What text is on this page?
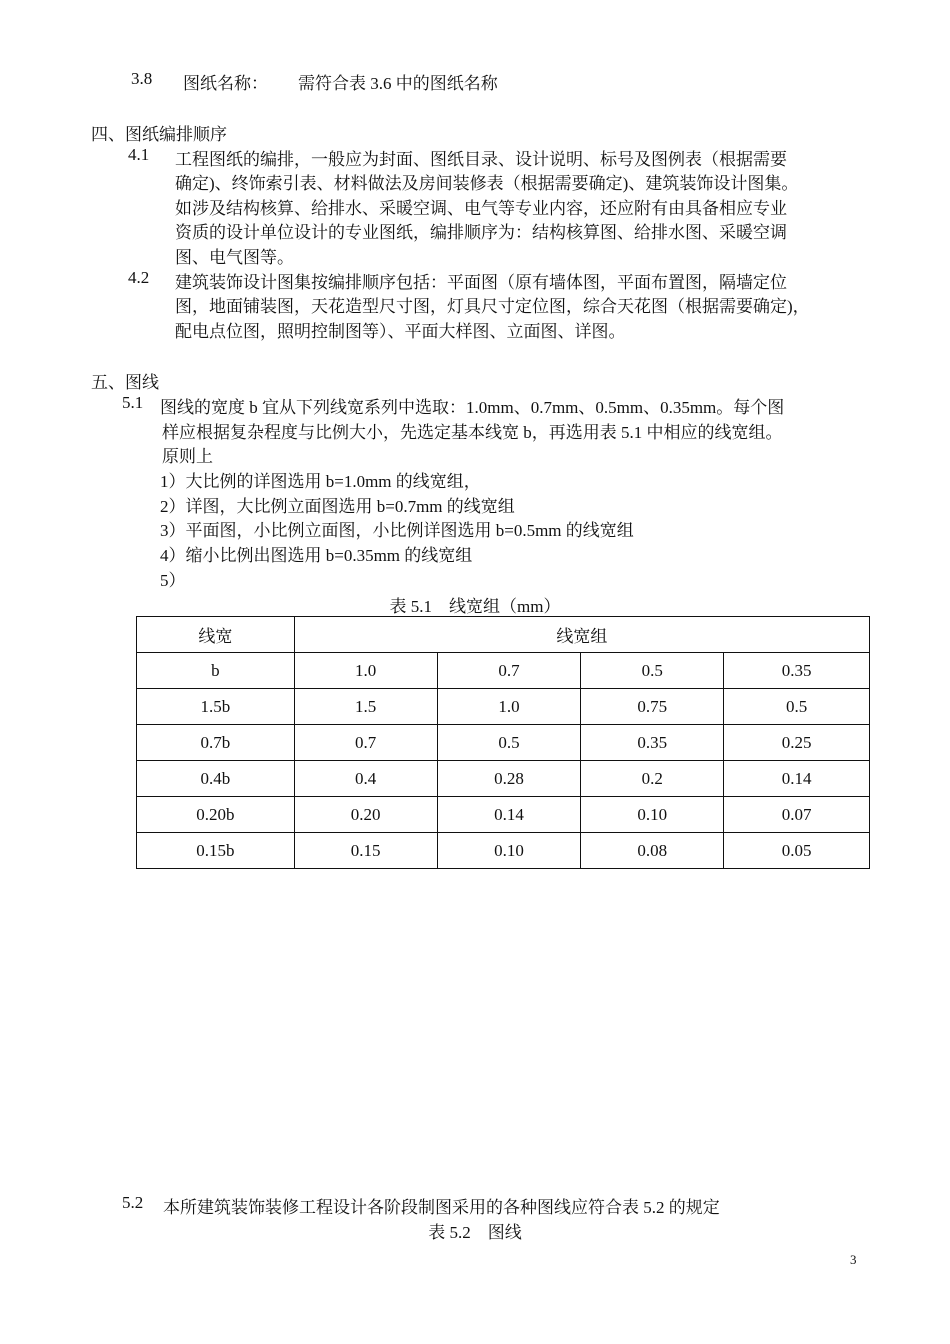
3.8 图纸名称： 需符合表 3.6 中的图纸名称
四、图纸编排顺序
4.1 工程图纸的编排，一般应为封面、图纸目录、设计说明、标号及图例表（根据需要
确定)、终饰索引表、材料做法及房间装修表（根据需要确定)、建筑装饰设计图集。
如涉及结构核算、给排水、采暖空调、电气等专业内容，还应附有由具备相应专业
资质的设计单位设计的专业图纸，编排顺序为：结构核算图、给排水图、采暖空调
图、电气图等。
4.2 建筑装饰设计图集按编排顺序包括：平面图（原有墙体图，平面布置图，隔墙定位
图，地面铺装图，天花造型尺寸图，灯具尺寸定位图，综合天花图（根据需要确定)，
配电点位图，照明控制图等）、平面大样图、立面图、详图。
五、图线
5.1 图线的宽度 b 宜从下列线宽系列中选取：1.0mm、0.7mm、0.5mm、0.35mm。每个图
样应根据复杂程度与比例大小，先选定基本线宽 b，再选用表 5.1 中相应的线宽组。
原则上
1）大比例的详图选用 b=1.0mm 的线宽组，
2）详图，大比例立面图选用 b=0.7mm 的线宽组
3）平面图，小比例立面图，小比例详图选用 b=0.5mm 的线宽组
4）缩小比例出图选用 b=0.35mm 的线宽组
5）
表 5.1　线宽组（mm）
线宽	线宽组			
b	1.0	0.7	0.5	0.35
1.5b	1.5	1.0	0.75	0.5
0.7b	0.7	0.5	0.35	0.25
0.4b	0.4	0.28	0.2	0.14
0.20b	0.20	0.14	0.10	0.07
0.15b	0.15	0.10	0.08	0.05
5.2 本所建筑装饰装修工程设计各阶段制图采用的各种图线应符合表 5.2 的规定
表 5.2　图线
3
